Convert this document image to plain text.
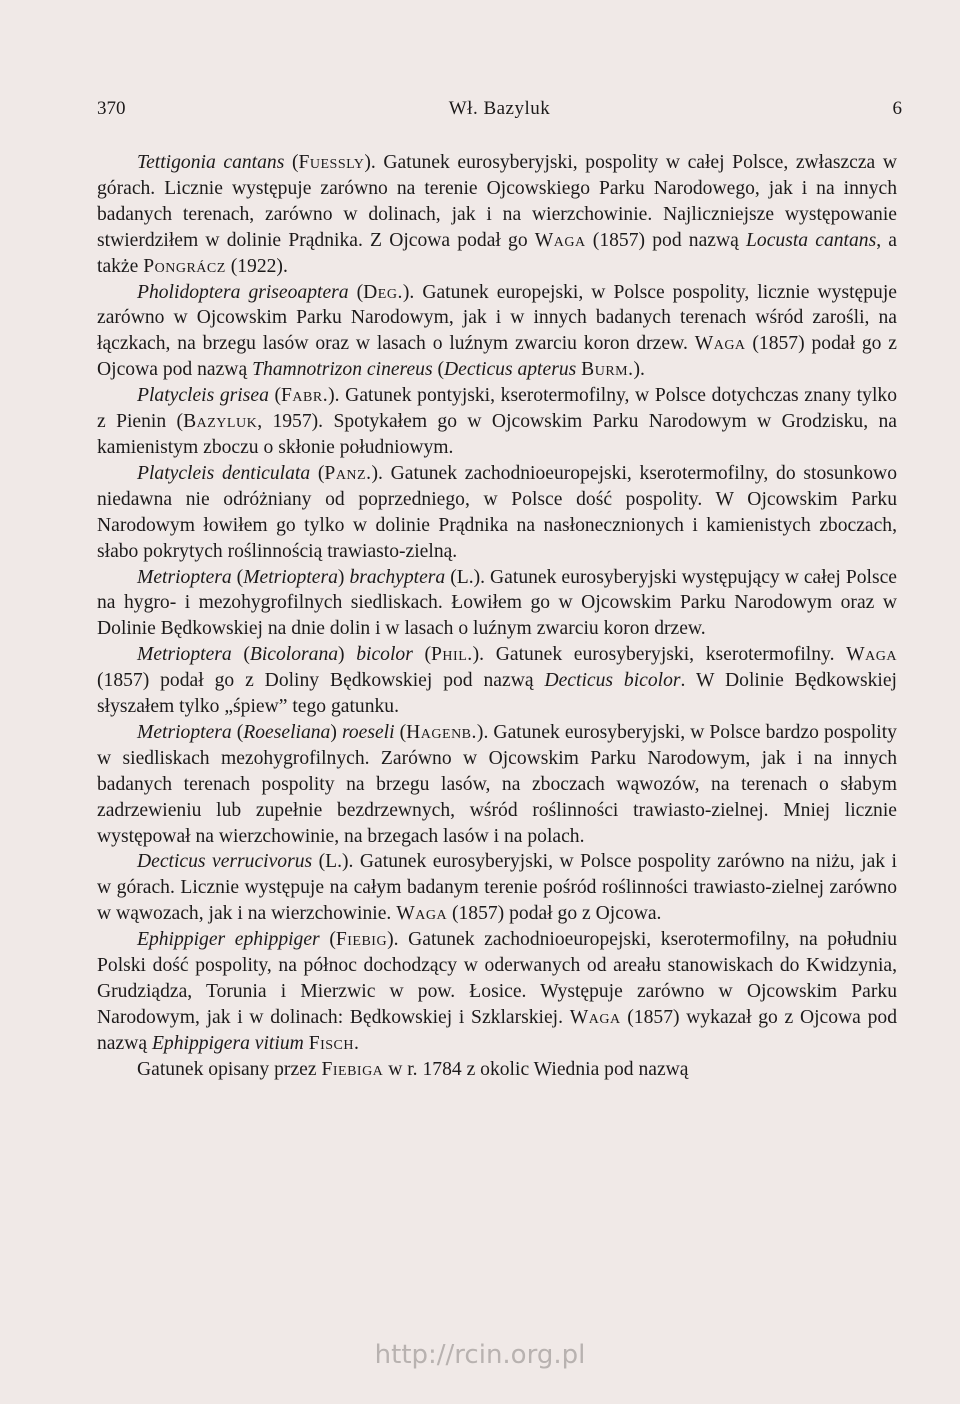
370	Wł. Bazyluk	6

Tettigonia cantans (Fuessly). Gatunek eurosyberyjski, pospolity w całej Polsce, zwłaszcza w górach. Licznie występuje zarówno na terenie Ojcowskiego Parku Narodowego, jak i na innych badanych terenach, zarówno w dolinach, jak i na wierzchowinie. Najliczniejsze występowanie stwierdziłem w dolinie Prądnika. Z Ojcowa podał go Waga (1857) pod nazwą Locusta cantans, a także Pongrácz (1922).

Pholidoptera griseoaptera (Deg.). Gatunek europejski, w Polsce pospolity, licznie występuje zarówno w Ojcowskim Parku Narodowym, jak i w innych badanych terenach wśród zarośli, na łączkach, na brzegu lasów oraz w lasach o luźnym zwarciu koron drzew. Waga (1857) podał go z Ojcowa pod nazwą Thamnotrizon cinereus (Decticus apterus Burm.).

Platycleis grisea (Fabr.). Gatunek pontyjski, kserotermofilny, w Polsce dotychczas znany tylko z Pienin (Bazyluk, 1957). Spotykałem go w Ojcowskim Parku Narodowym w Grodzisku, na kamienistym zboczu o skłonie południowym.

Platycleis denticulata (Panz.). Gatunek zachodnioeuropejski, kserotermofilny, do stosunkowo niedawna nie odróżniany od poprzedniego, w Polsce dość pospolity. W Ojcowskim Parku Narodowym łowiłem go tylko w dolinie Prądnika na nasłonecznionych i kamienistych zboczach, słabo pokrytych roślinnością trawiasto-zielną.

Metrioptera (Metrioptera) brachyptera (L.). Gatunek eurosyberyjski występujący w całej Polsce na hygro- i mezohygrofilnych siedliskach. Łowiłem go w Ojcowskim Parku Narodowym oraz w Dolinie Będkowskiej na dnie dolin i w lasach o luźnym zwarciu koron drzew.

Metrioptera (Bicolorana) bicolor (Phil.). Gatunek eurosyberyjski, kserotermofilny. Waga (1857) podał go z Doliny Będkowskiej pod nazwą Decticus bicolor. W Dolinie Będkowskiej słyszałem tylko „śpiew” tego gatunku.

Metrioptera (Roeseliana) roeseli (Hagenb.). Gatunek eurosyberyjski, w Polsce bardzo pospolity w siedliskach mezohygrofilnych. Zarówno w Ojcowskim Parku Narodowym, jak i na innych badanych terenach pospolity na brzegu lasów, na zboczach wąwozów, na terenach o słabym zadrzewieniu lub zupełnie bezdrzewnych, wśród roślinności trawiasto-zielnej. Mniej licznie występował na wierzchowinie, na brzegach lasów i na polach.

Decticus verrucivorus (L.). Gatunek eurosyberyjski, w Polsce pospolity zarówno na niżu, jak i w górach. Licznie występuje na całym badanym terenie pośród roślinności trawiasto-zielnej zarówno w wąwozach, jak i na wierzchowinie. Waga (1857) podał go z Ojcowa.

Ephippiger ephippiger (Fiebig). Gatunek zachodnioeuropejski, kserotermofilny, na południu Polski dość pospolity, na północ dochodzący w oderwanych od areału stanowiskach do Kwidzynia, Grudziądza, Torunia i Mierzwic w pow. Łosice. Występuje zarówno w Ojcowskim Parku Narodowym, jak i w dolinach: Będkowskiej i Szklarskiej. Waga (1857) wykazał go z Ojcowa pod nazwą Ephippigera vitium Fisch.

Gatunek opisany przez Fiebiga w r. 1784 z okolic Wiednia pod nazwą

http://rcin.org.pl
